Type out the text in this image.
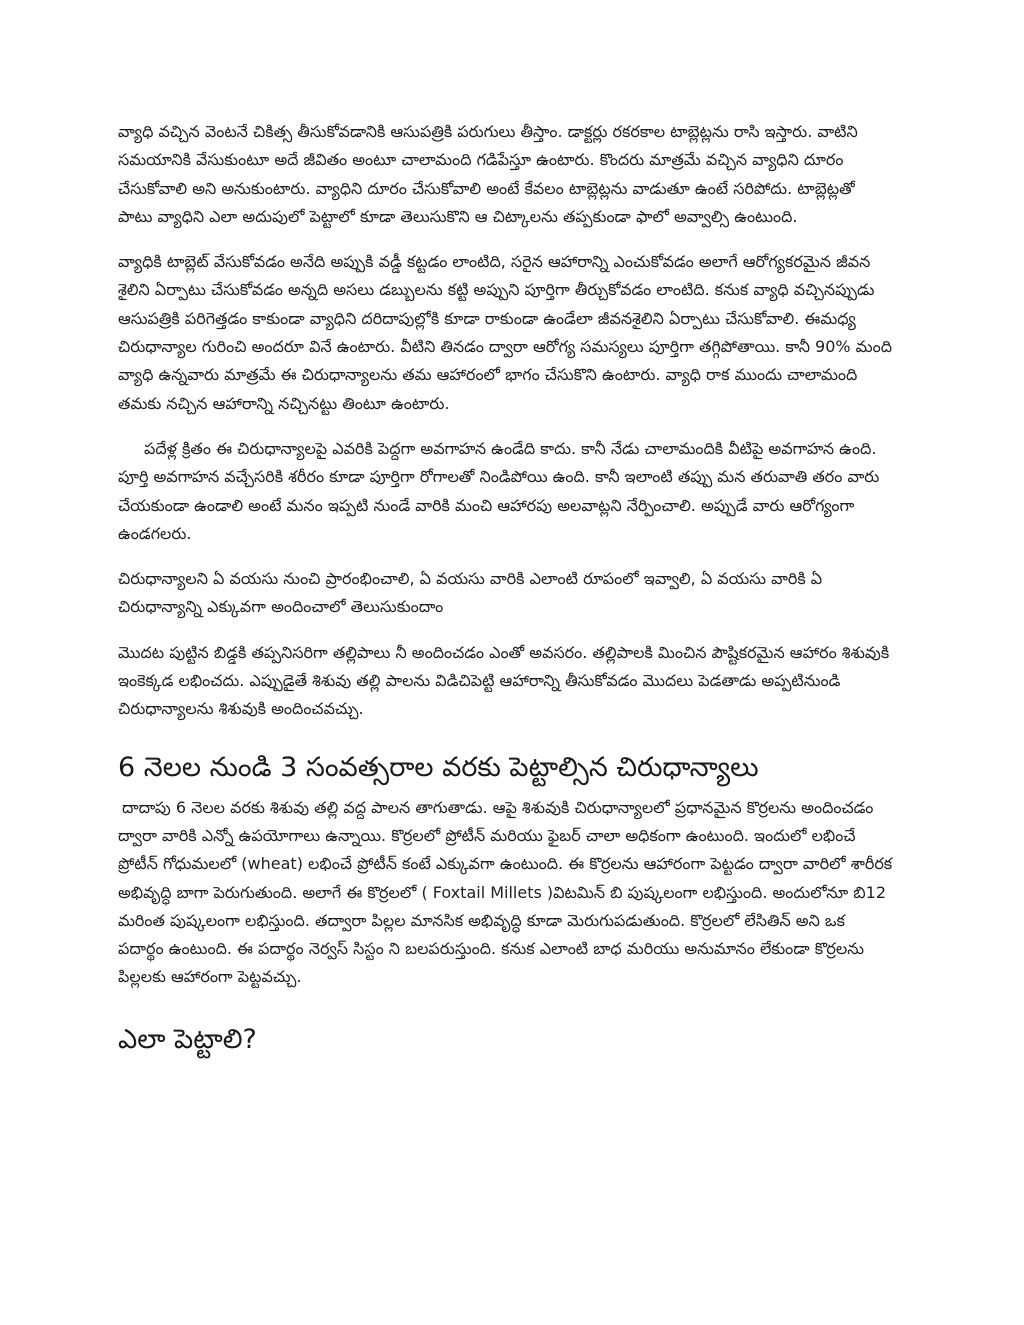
వ్యాధి వచ్చిన వెంటనే చికిత్స తీసుకోవడానికి ఆసుపత్రికి పరుగులు తీస్తాం. డాక్టర్లు రకరకాల టాబ్లెట్లను రాసి ఇస్తారు. వాటిని సమయానికి వేసుకుంటూ అదే జీవితం అంటూ చాలామంది గడిపేస్తూ ఉంటారు. కొందరు మాత్రమే వచ్చిన వ్యాధిని దూరం చేసుకోవాలి అని అనుకుంటారు. వ్యాధిని దూరం చేసుకోవాలి అంటే కేవలం టాబ్లెట్లను వాడుతూ ఉంటే సరిపోదు. టాబ్లెట్లతో పాటు వ్యాధిని ఎలా అదుపులో పెట్టాలో కూడా తెలుసుకొని ఆ చిట్కాలను తప్పకుండా ఫాలో అవ్వాల్సి ఉంటుంది.

వ్యాధికి టాబ్లెట్ వేసుకోవడం అనేది అప్పుకి వడ్డీ కట్టడం లాంటిది, సరైన ఆహారాన్ని ఎంచుకోవడం అలాగే ఆరోగ్యకరమైన జీవన శైలిని ఏర్పాటు చేసుకోవడం అన్నది అసలు డబ్బులను కట్టి అప్పుని పూర్తిగా తీర్చుకోవడం లాంటిది. కనుక వ్యాధి వచ్చినప్పుడు ఆసుపత్రికి పరిగెత్తడం కాకుండా వ్యాధిని దరిదాపుల్లోకి కూడా రాకుండా ఉండేలా జీవనశైలిని ఏర్పాటు చేసుకోవాలి. ఈమధ్య చిరుధాన్యాల గురించి అందరూ వినే ఉంటారు. వీటిని తినడం ద్వారా ఆరోగ్య సమస్యలు పూర్తిగా తగ్గిపోతాయి. కానీ 90% మంది వ్యాధి ఉన్నవారు మాత్రమే ఈ చిరుధాన్యాలను తమ ఆహారంలో భాగం చేసుకొని ఉంటారు. వ్యాధి రాక ముందు చాలామంది తమకు నచ్చిన ఆహారాన్ని నచ్చినట్టు తింటూ ఉంటారు.

పదేళ్ల క్రితం ఈ చిరుధాన్యాలపై ఎవరికి పెద్దగా అవగాహన ఉండేది కాదు. కానీ నేడు చాలామందికి వీటిపై అవగాహన ఉంది. పూర్తి అవగాహన వచ్చేసరికి శరీరం కూడా పూర్తిగా రోగాలతో నిండిపోయి ఉంది. కానీ ఇలాంటి తప్పు మన తరువాతి తరం వారు చేయకుండా ఉండాలి అంటే మనం ఇప్పటి నుండే వారికి మంచి ఆహారపు అలవాట్లని నేర్పించాలి. అప్పుడే వారు ఆరోగ్యంగా ఉండగలరు.

చిరుధాన్యాలని ఏ వయసు నుంచి ప్రారంభించాలి, ఏ వయసు వారికి ఎలాంటి రూపంలో ఇవ్వాలి, ఏ వయసు వారికి ఏ చిరుధాన్యాన్ని ఎక్కువగా అందించాలో తెలుసుకుందాం

మొదట పుట్టిన బిడ్డకి తప్పనిసరిగా తల్లిపాలు నీ అందించడం ఎంతో అవసరం. తల్లిపాలకి మించిన పౌష్టికరమైన ఆహారం శిశువుకి ఇంకెక్కడ లభించదు. ఎప్పుడైతే శిశువు తల్లి పాలను విడిచిపెట్టి ఆహారాన్ని తీసుకోవడం మొదలు పెడతాడు అప్పటినుండి చిరుధాన్యాలను శిశువుకి అందించవచ్చు.

6 నెలల నుండి 3 సంవత్సరాల వరకు పెట్టాల్సిన చిరుధాన్యాలు

దాదాపు 6 నెలల వరకు శిశువు తల్లి వద్ద పాలన తాగుతాడు. ఆపై శిశువుకి చిరుధాన్యాలలో ప్రధానమైన కొర్రలను అందించడం ద్వారా వారికి ఎన్నో ఉపయోగాలు ఉన్నాయి. కొర్రలలో ప్రోటీన్ మరియు ఫైబర్ చాలా అధికంగా ఉంటుంది. ఇందులో లభించే ప్రోటీన్ గోధుమలలో (wheat) లభించే ప్రోటీన్ కంటే ఎక్కువగా ఉంటుంది. ఈ కొర్రలను ఆహారంగా పెట్టడం ద్వారా వారిలో శారీరక అభివృద్ధి బాగా పెరుగుతుంది. అలాగే ఈ కొర్రలలో ( Foxtail Millets )విటమిన్ బి పుష్కలంగా లభిస్తుంది. అందులోనూ బి12 మరింత పుష్కలంగా లభిస్తుంది. తద్వారా పిల్లల మానసిక అభివృద్ధి కూడా మెరుగుపడుతుంది. కొర్రలలో లేసితిన్ అని ఒక పదార్థం ఉంటుంది. ఈ పదార్థం నెర్వస్ సిస్టం ని బలపరుస్తుంది. కనుక ఎలాంటి బాధ మరియు అనుమానం లేకుండా కొర్రలను పిల్లలకు ఆహారంగా పెట్టవచ్చు.

ఎలా పెట్టాలి?
